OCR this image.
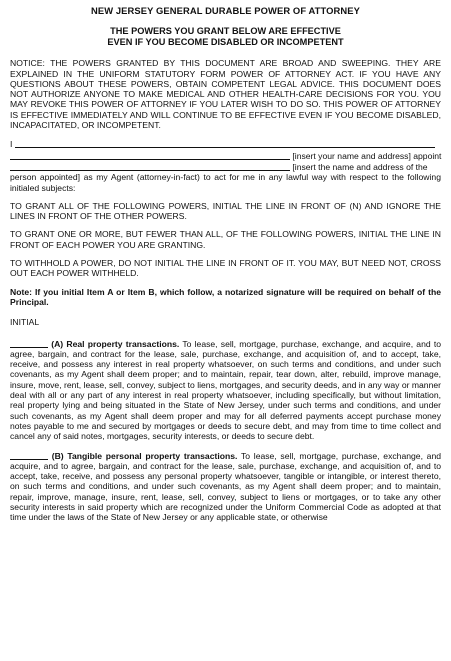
NEW JERSEY GENERAL DURABLE POWER OF ATTORNEY
THE POWERS YOU GRANT BELOW ARE EFFECTIVE
EVEN IF YOU BECOME DISABLED OR INCOMPETENT

NOTICE: THE POWERS GRANTED BY THIS DOCUMENT ARE BROAD AND SWEEPING. THEY ARE EXPLAINED IN THE UNIFORM STATUTORY FORM POWER OF ATTORNEY ACT. IF YOU HAVE ANY QUESTIONS ABOUT THESE POWERS, OBTAIN COMPETENT LEGAL ADVICE. THIS DOCUMENT DOES NOT AUTHORIZE ANYONE TO MAKE MEDICAL AND OTHER HEALTH-CARE DECISIONS FOR YOU. YOU MAY REVOKE THIS POWER OF ATTORNEY IF YOU LATER WISH TO DO SO. THIS POWER OF ATTORNEY IS EFFECTIVE IMMEDIATELY AND WILL CONTINUE TO BE EFFECTIVE EVEN IF YOU BECOME DISABLED, INCAPACITATED, OR INCOMPETENT.

I
[insert your name and address] appoint
[insert the name and address of the
person appointed] as my Agent (attorney-in-fact) to act for me in any lawful way with respect to the following initialed subjects:

TO GRANT ALL OF THE FOLLOWING POWERS, INITIAL THE LINE IN FRONT OF (N) AND IGNORE THE LINES IN FRONT OF THE OTHER POWERS.

TO GRANT ONE OR MORE, BUT FEWER THAN ALL, OF THE FOLLOWING POWERS, INITIAL THE LINE IN FRONT OF EACH POWER YOU ARE GRANTING.

TO WITHHOLD A POWER, DO NOT INITIAL THE LINE IN FRONT OF IT. YOU MAY, BUT NEED NOT, CROSS OUT EACH POWER WITHHELD.

Note: If you initial Item A or Item B, which follow, a notarized signature will be required on behalf of the Principal.

INITIAL

(A) Real property transactions. To lease, sell, mortgage, purchase, exchange, and acquire, and to agree, bargain, and contract for the lease, sale, purchase, exchange, and acquisition of, and to accept, take, receive, and possess any interest in real property whatsoever, on such terms and conditions, and under such covenants, as my Agent shall deem proper; and to maintain, repair, tear down, alter, rebuild, improve manage, insure, move, rent, lease, sell, convey, subject to liens, mortgages, and security deeds, and in any way or manner deal with all or any part of any interest in real property whatsoever, including specifically, but without limitation, real property lying and being situated in the State of New Jersey, under such terms and conditions, and under such covenants, as my Agent shall deem proper and may for all deferred payments accept purchase money notes payable to me and secured by mortgages or deeds to secure debt, and may from time to time collect and cancel any of said notes, mortgages, security interests, or deeds to secure debt.

(B) Tangible personal property transactions. To lease, sell, mortgage, purchase, exchange, and acquire, and to agree, bargain, and contract for the lease, sale, purchase, exchange, and acquisition of, and to accept, take, receive, and possess any personal property whatsoever, tangible or intangible, or interest thereto, on such terms and conditions, and under such covenants, as my Agent shall deem proper; and to maintain, repair, improve, manage, insure, rent, lease, sell, convey, subject to liens or mortgages, or to take any other security interests in said property which are recognized under the Uniform Commercial Code as adopted at that time under the laws of the State of New Jersey or any applicable state, or otherwise
